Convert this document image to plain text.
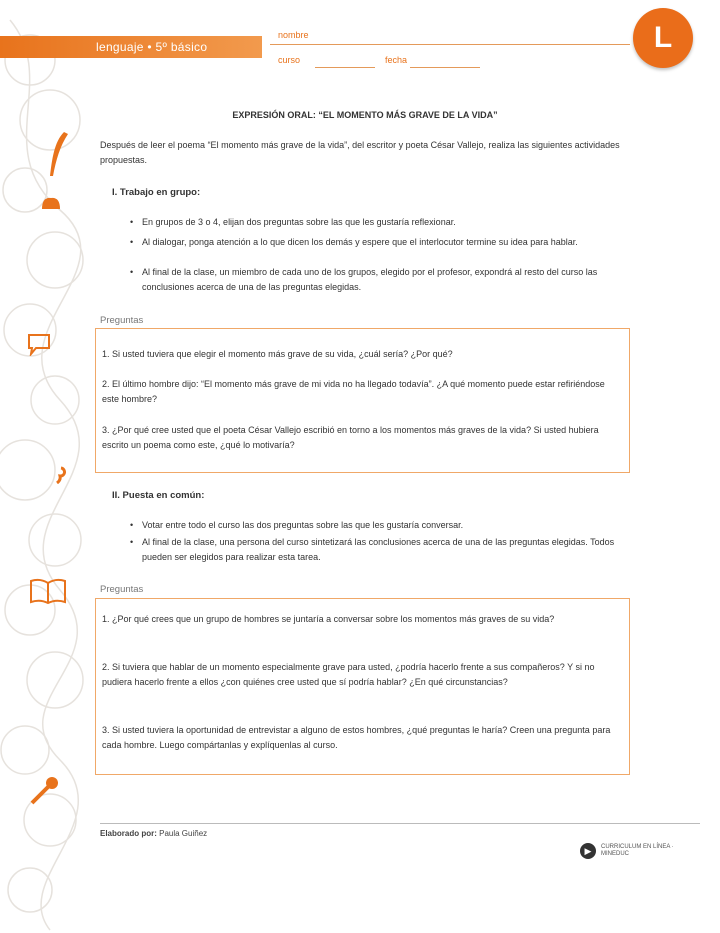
lenguaje • 5º básico
nombre
curso	fecha
L
EXPRESIÓN ORAL: “EL MOMENTO MÁS GRAVE DE LA VIDA”
Después de leer el poema “El momento más grave de la vida”, del escritor y poeta César Vallejo, realiza las siguientes actividades propuestas.
I. Trabajo en grupo:
• En grupos de 3 o 4, elijan dos preguntas sobre las que les gustaría reflexionar.
• Al dialogar, ponga atención a lo que dicen los demás y espere que el interlocutor termine su idea para hablar.
• Al final de la clase, un miembro de cada uno de los grupos, elegido por el profesor, expondrá al resto del curso las conclusiones acerca de una de las preguntas elegidas.
Preguntas
1. Si usted tuviera que elegir el momento más grave de su vida, ¿cuál sería? ¿Por qué?
2. El último hombre dijo: “El momento más grave de mi vida no ha llegado todavía”. ¿A qué momento puede estar refiriéndose este hombre?
3. ¿Por qué cree usted que el poeta César Vallejo escribió en torno a los momentos más graves de la vida? Si usted hubiera escrito un poema como este, ¿qué lo motivaría?
II. Puesta en común:
• Votar entre todo el curso las dos preguntas sobre las que les gustaría conversar.
• Al final de la clase, una persona del curso sintetizará las conclusiones acerca de una de las preguntas elegidas. Todos pueden ser elegidos para realizar esta tarea.
Preguntas
1. ¿Por qué crees que un grupo de hombres se juntaría a conversar sobre los momentos más graves de su vida?
2. Si tuviera que hablar de un momento especialmente grave para usted, ¿podría hacerlo frente a sus compañeros? Y si no pudiera hacerlo frente a ellos ¿con quiénes cree usted que sí podría hablar? ¿En qué circunstancias?
3. Si usted tuviera la oportunidad de entrevistar a alguno de estos hombres, ¿qué preguntas le haría? Creen una pregunta para cada hombre. Luego compártanlas y explíquenlas al curso.
Elaborado por: Paula Guiñez
▶	CURRICULUM EN LÍNEA · MINEDUC
